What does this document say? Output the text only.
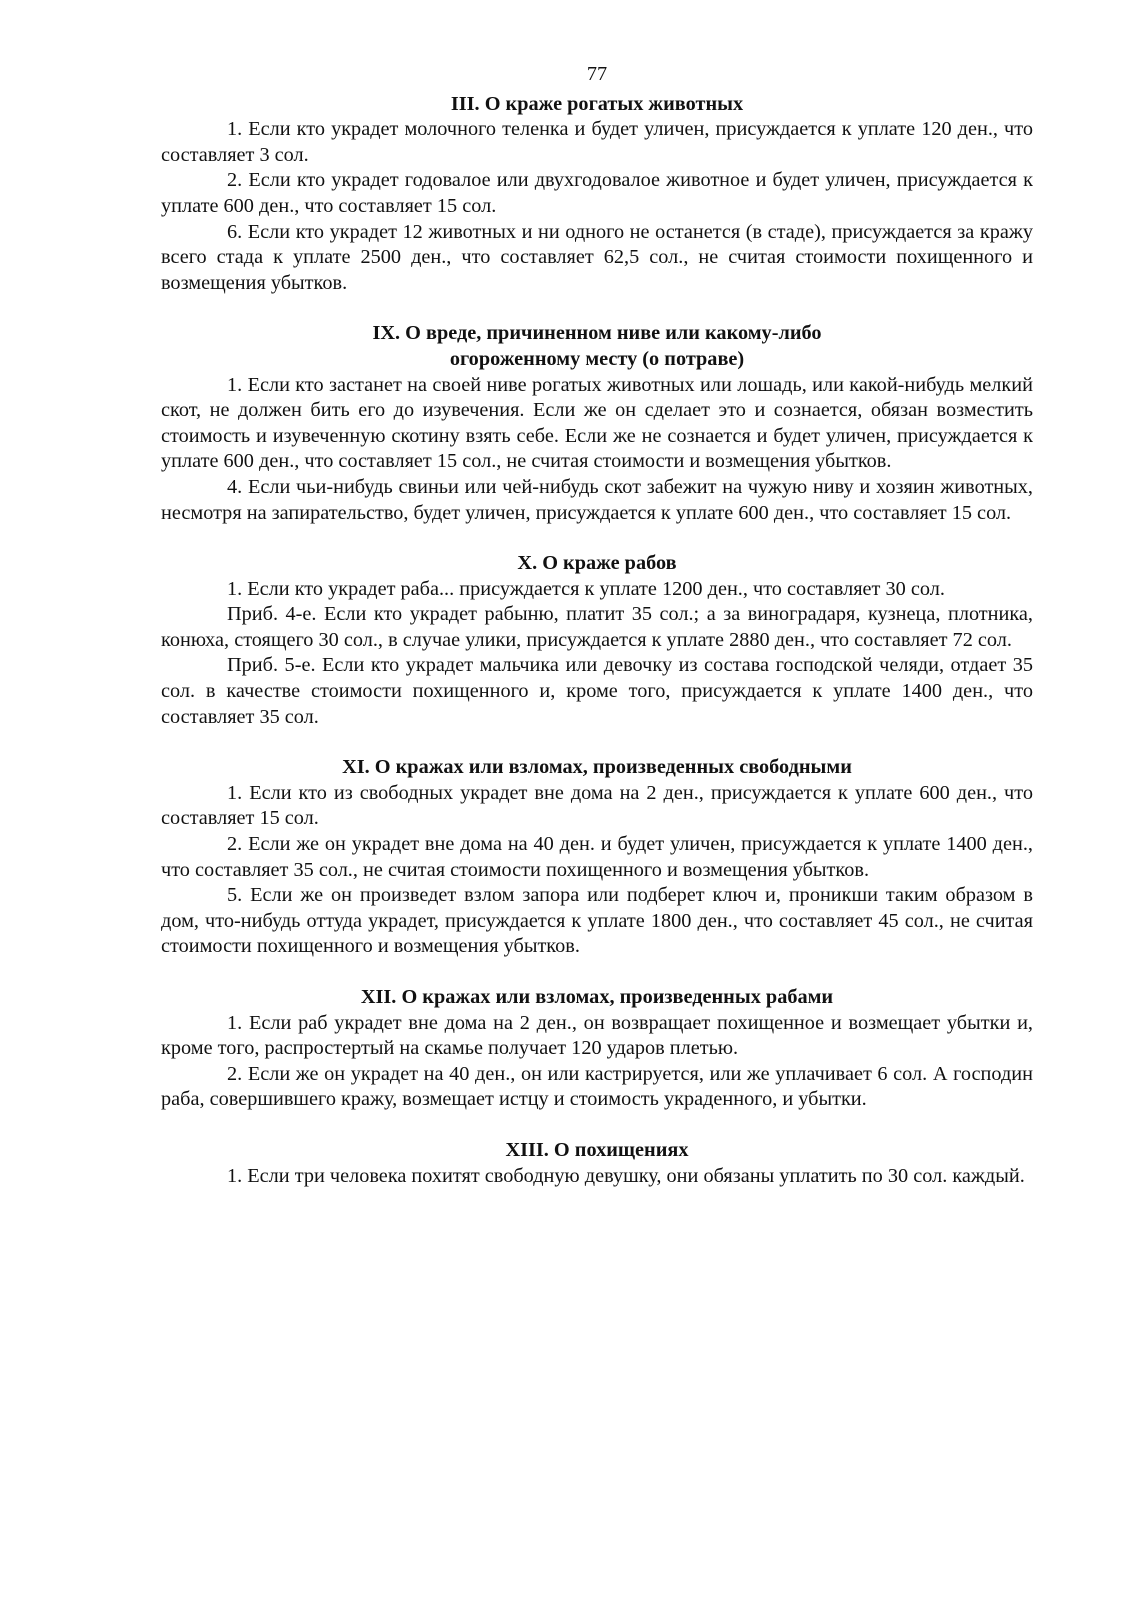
77
III. О краже рогатых животных

1. Если кто украдет молочного теленка и будет уличен, присуждается к уплате 120 ден., что составляет 3 сол.

2. Если кто украдет годовалое или двухгодовалое животное и будет уличен, присуждается к уплате 600 ден., что составляет 15 сол.

6. Если кто украдет 12 животных и ни одного не останется (в стаде), присуждается за кражу всего стада к уплате 2500 ден., что составляет 62,5 сол., не считая стоимости похищенного и возмещения убытков.

IX. О вреде, причиненном ниве или какому-либо
огороженному месту (о потраве)

1. Если кто застанет на своей ниве рогатых животных или лошадь, или какой-нибудь мелкий скот, не должен бить его до изувечения. Если же он сделает это и сознается, обязан возместить стоимость и изувеченную скотину взять себе. Если же не сознается и будет уличен, присуждается к уплате 600 ден., что составляет 15 сол., не считая стоимости и возмещения убытков.

4. Если чьи-нибудь свиньи или чей-нибудь скот забежит на чужую ниву и хозяин животных, несмотря на запирательство, будет уличен, присуждается к уплате 600 ден., что составляет 15 сол.

X. О краже рабов

1. Если кто украдет раба... присуждается к уплате 1200 ден., что составляет 30 сол.

Приб. 4-е. Если кто украдет рабыню, платит 35 сол.; а за виноградаря, кузнеца, плотника, конюха, стоящего 30 сол., в случае улики, присуждается к уплате 2880 ден., что составляет 72 сол.

Приб. 5-е. Если кто украдет мальчика или девочку из состава господской челяди, отдает 35 сол. в качестве стоимости похищенного и, кроме того, присуждается к уплате 1400 ден., что составляет 35 сол.

XI. О кражах или взломах, произведенных свободными

1. Если кто из свободных украдет вне дома на 2 ден., присуждается к уплате 600 ден., что составляет 15 сол.

2. Если же он украдет вне дома на 40 ден. и будет уличен, присуждается к уплате 1400 ден., что составляет 35 сол., не считая стоимости похищенного и возмещения убытков.

5. Если же он произведет взлом запора или подберет ключ и, проникши таким образом в дом, что-нибудь оттуда украдет, присуждается к уплате 1800 ден., что составляет 45 сол., не считая стоимости похищенного и возмещения убытков.

XII. О кражах или взломах, произведенных рабами

1. Если раб украдет вне дома на 2 ден., он возвращает похищенное и возмещает убытки и, кроме того, распростертый на скамье получает 120 ударов плетью.

2. Если же он украдет на 40 ден., он или кастрируется, или же уплачивает 6 сол. А господин раба, совершившего кражу, возмещает истцу и стоимость украденного, и убытки.

XIII. О похищениях

1. Если три человека похитят свободную девушку, они обязаны уплатить по 30 сол. каждый.
